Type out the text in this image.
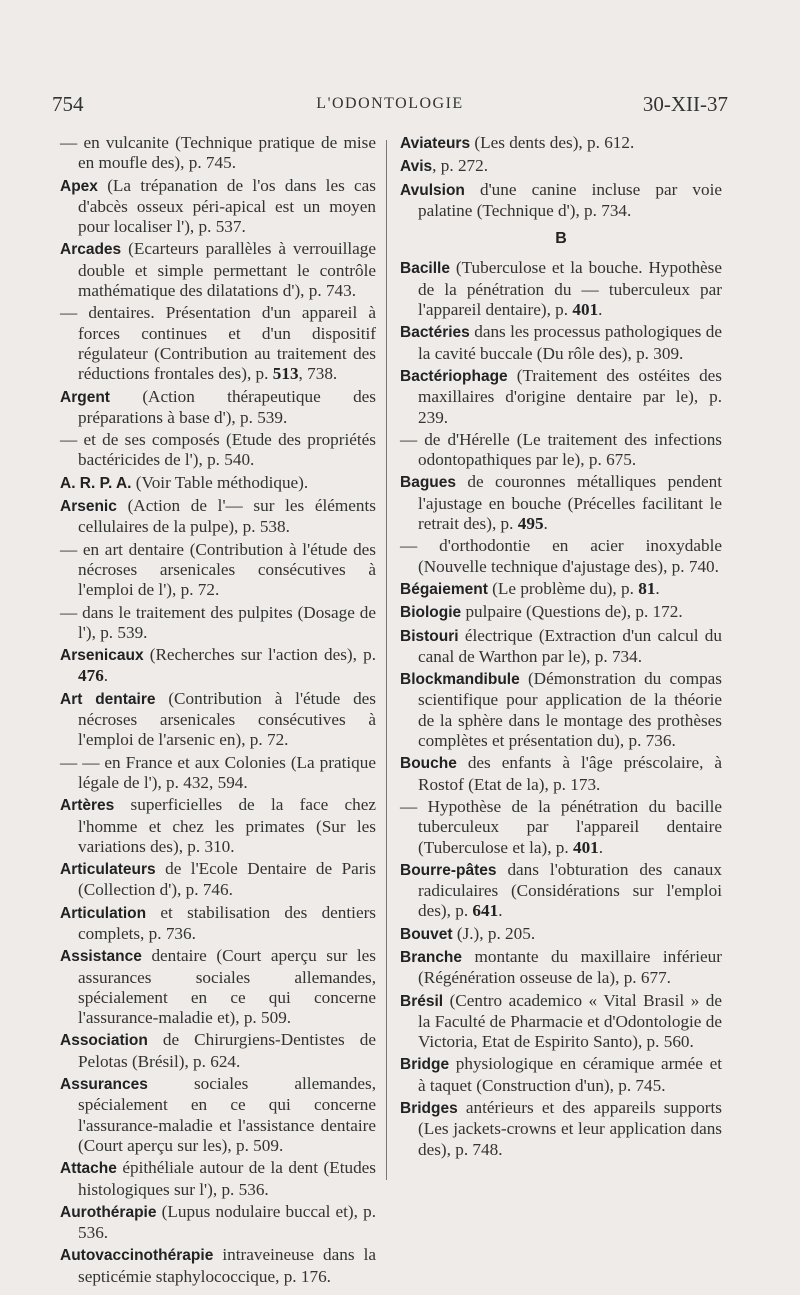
754	L'ODONTOLOGIE	30-XII-37

— en vulcanite (Technique pratique de mise en moufle des), p. 745.

Apex (La trépanation de l'os dans les cas d'abcès osseux péri-apical est un moyen pour localiser l'), p. 537.

Arcades (Ecarteurs parallèles à verrouillage double et simple permettant le contrôle mathématique des dilatations d'), p. 743.

— dentaires. Présentation d'un appareil à forces continues et d'un dispositif régulateur (Contribution au traitement des réductions frontales des), p. 513, 738.

Argent (Action thérapeutique des préparations à base d'), p. 539.

— et de ses composés (Etude des propriétés bactéricides de l'), p. 540.

A. R. P. A. (Voir Table méthodique).

Arsenic (Action de l'— sur les éléments cellulaires de la pulpe), p. 538.

— en art dentaire (Contribution à l'étude des nécroses arsenicales consécutives à l'emploi de l'), p. 72.

— dans le traitement des pulpites (Dosage de l'), p. 539.

Arsenicaux (Recherches sur l'action des), p. 476.

Art dentaire (Contribution à l'étude des nécroses arsenicales consécutives à l'emploi de l'arsenic en), p. 72.

— — en France et aux Colonies (La pratique légale de l'), p. 432, 594.

Artères superficielles de la face chez l'homme et chez les primates (Sur les variations des), p. 310.

Articulateurs de l'Ecole Dentaire de Paris (Collection d'), p. 746.

Articulation et stabilisation des dentiers complets, p. 736.

Assistance dentaire (Court aperçu sur les assurances sociales allemandes, spécialement en ce qui concerne l'assurance-maladie et), p. 509.

Association de Chirurgiens-Dentistes de Pelotas (Brésil), p. 624.

Assurances sociales allemandes, spécialement en ce qui concerne l'assurance-maladie et l'assistance dentaire (Court aperçu sur les), p. 509.

Attache épithéliale autour de la dent (Etudes histologiques sur l'), p. 536.

Aurothérapie (Lupus nodulaire buccal et), p. 536.

Autovaccinothérapie intraveineuse dans la septicémie staphylococcique, p. 176.

Aviateurs (Les dents des), p. 612.

Avis, p. 272.

Avulsion d'une canine incluse par voie palatine (Technique d'), p. 734.

B

Bacille (Tuberculose et la bouche. Hypothèse de la pénétration du — tuberculeux par l'appareil dentaire), p. 401.

Bactéries dans les processus pathologiques de la cavité buccale (Du rôle des), p. 309.

Bactériophage (Traitement des ostéites des maxillaires d'origine dentaire par le), p. 239.

— de d'Hérelle (Le traitement des infections odontopathiques par le), p. 675.

Bagues de couronnes métalliques pendent l'ajustage en bouche (Précelles facilitant le retrait des), p. 495.

— d'orthodontie en acier inoxydable (Nouvelle technique d'ajustage des), p. 740.

Bégaiement (Le problème du), p. 81.

Biologie pulpaire (Questions de), p. 172.

Bistouri électrique (Extraction d'un calcul du canal de Warthon par le), p. 734.

Blockmandibule (Démonstration du compas scientifique pour application de la théorie de la sphère dans le montage des prothèses complètes et présentation du), p. 736.

Bouche des enfants à l'âge préscolaire, à Rostof (Etat de la), p. 173.

— Hypothèse de la pénétration du bacille tuberculeux par l'appareil dentaire (Tuberculose et la), p. 401.

Bourre-pâtes dans l'obturation des canaux radiculaires (Considérations sur l'emploi des), p. 641.

Bouvet (J.), p. 205.

Branche montante du maxillaire inférieur (Régénération osseuse de la), p. 677.

Brésil (Centro academico « Vital Brasil » de la Faculté de Pharmacie et d'Odontologie de Victoria, Etat de Espirito Santo), p. 560.

Bridge physiologique en céramique armée et à taquet (Construction d'un), p. 745.

Bridges antérieurs et des appareils supports (Les jackets-crowns et leur application dans des), p. 748.
